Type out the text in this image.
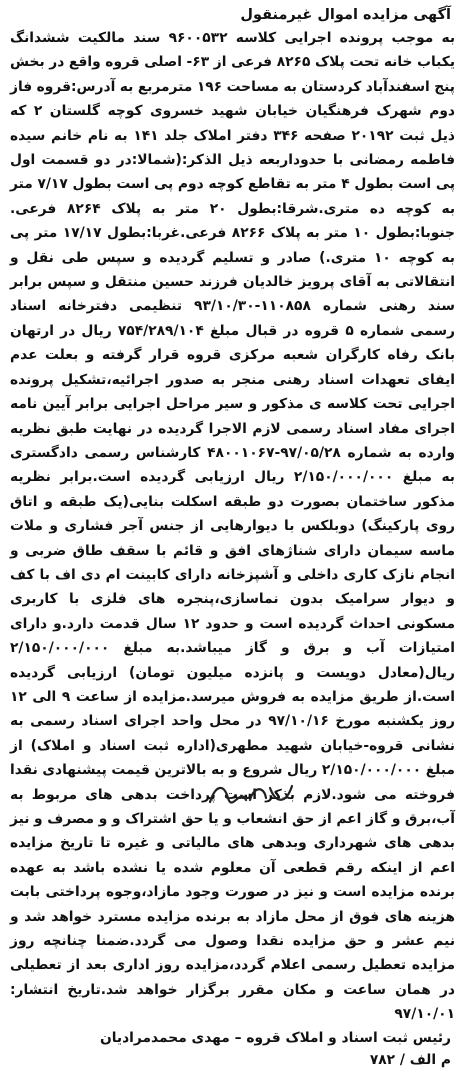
آگهی مزایده اموال غیرمنقول
به موجب پرونده اجرایی کلاسه ۹۶۰۰۵۳۲ سند مالکیت ششدانگ یکباب خانه تحت پلاک ۸۲۶۵ فرعی از ۶۳- اصلی قروه واقع در بخش پنج اسفندآباد کردستان به مساحت ۱۹۶ مترمربع به آدرس:قروه فاز دوم شهرک فرهنگیان خیابان شهید خسروی کوچه گلستان ۲ که ذیل ثبت ۲۰۱۹۲ صفحه ۳۴۶ دفتر املاک جلد ۱۴۱ به نام خانم سیده فاطمه رمضانی با حدوداربعه ذیل الذکر:(شمالا:در دو قسمت اول پی است بطول ۴ متر به تقاطع کوچه دوم پی است بطول ۷/۱۷ متر به کوچه ده متری.شرقا:بطول ۲۰ متر به پلاک ۸۲۶۴ فرعی. جنوبا:بطول ۱۰ متر به پلاک ۸۲۶۶ فرعی.غربا:بطول ۱۷/۱۷ متر پی به کوچه ۱۰ متری.) صادر و تسلیم گردیده و سپس طی نقل و انتقالاتی به آقای پرویز خالدیان فرزند حسین منتقل و سپس برابر سند رهنی شماره ۱۱۰۸۵۸-۹۳/۱۰/۳۰ تنظیمی دفترخانه اسناد رسمی شماره ۵ قروه در قبال مبلغ ۷۵۴/۲۸۹/۱۰۴ ریال در ارتهان بانک رفاه کارگران شعبه مرکزی قروه قرار گرفته و بعلت عدم ایفای تعهدات اسناد رهنی منجر به صدور اجرائیه،تشکیل پرونده اجرایی تحت کلاسه ی مذکور و سیر مراحل اجرایی برابر آیین نامه اجرای مفاد اسناد رسمی لازم الاجرا گردیده در نهایت طبق نظریه وارده به شماره ۹۷/۰۵/۲۸-۴۸۰۰۱۰۶۷ کارشناس رسمی دادگستری به مبلغ ۲/۱۵۰/۰۰۰/۰۰۰ ریال ارزیابی گردیده است.برابر نظریه مذکور ساختمان بصورت دو طبقه اسکلت بنایی(یک طبقه و اتاق روی پارکینگ) دوبلکس با دیوارهایی از جنس آجر فشاری و ملات ماسه سیمان دارای شناژهای افق و قائم با سقف طاق ضربی و انجام نازک کاری داخلی و آشپزخانه دارای کابینت ام دی اف با کف و دیوار سرامیک بدون نماسازی،پنجره های فلزی با کاربری مسکونی احداث گردیده است و حدود ۱۲ سال قدمت دارد.و دارای امتیازات آب و برق و گاز میباشد.به مبلغ ۲/۱۵۰/۰۰۰/۰۰۰ ریال(معادل دویست و پانزده میلیون تومان) ارزیابی گردیده است.از طریق مزایده به فروش میرسد.مزایده از ساعت ۹ الی ۱۲ روز یکشنبه مورخ ۹۷/۱۰/۱۶ در محل واحد اجرای اسناد رسمی به نشانی قروه-خیابان شهید مطهری(اداره ثبت اسناد و املاک) از مبلغ ۲/۱۵۰/۰۰۰/۰۰۰ ریال شروع و به بالاترین قیمت پیشنهادی نقدا فروخته می شود.لازم بذکر است پرداخت بدهی های مربوط به آب،برق و گاز اعم از حق انشعاب و یا حق اشتراک و و مصرف و نیز بدهی های شهرداری وبدهی های مالیاتی و غیره تا تاریخ مزایده اعم از اینکه رقم قطعی آن معلوم شده یا نشده باشد به عهده برنده مزایده است و نیز در صورت وجود مازاد،وجوه پرداختی بابت هزینه های فوق از محل مازاد به برنده مزایده مسترد خواهد شد و نیم عشر و حق مزایده نقدا وصول می گردد.ضمنا چنانچه روز مزایده تعطیل رسمی اعلام گردد،مزایده روز اداری بعد از تعطیلی در همان ساعت و مکان مقرر برگزار خواهد شد.تاریخ انتشار: ۹۷/۱۰/۰۱
رئیس ثبت اسناد و املاک قروه – مهدی محمدمرادیان
م الف / ۷۸۲
